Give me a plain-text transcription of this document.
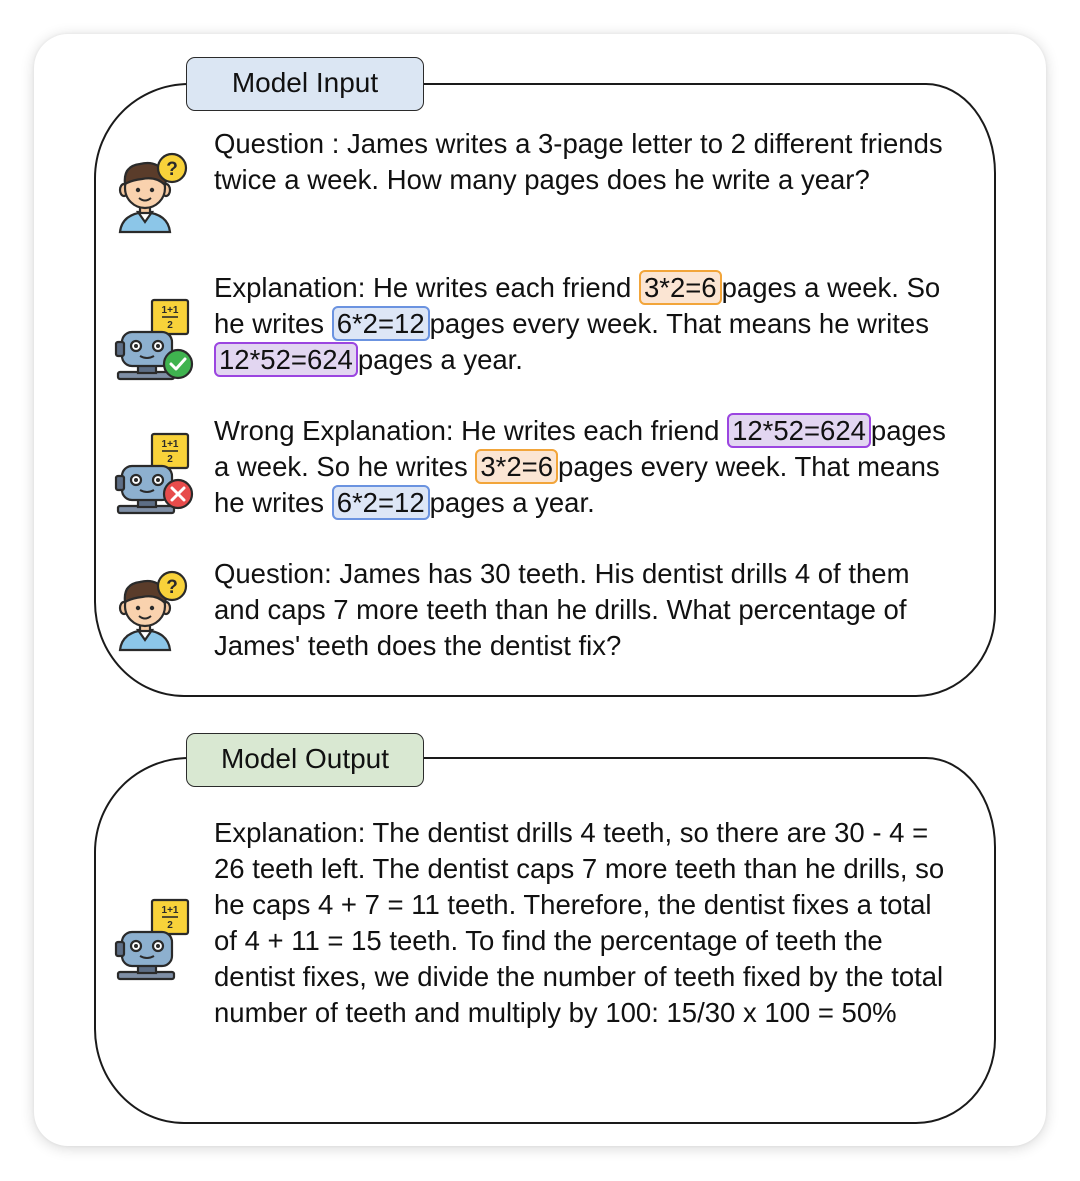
Model Input
?
Question : James writes a 3-page letter to 2 different friends twice a week. How many pages does he write a year?
1+1
2
Explanation: He writes each friend 3*2=6 pages a week. So he writes 6*2=12 pages every week. That means he writes 12*52=624 pages a year.
1+1
2
Wrong Explanation: He writes each friend 12*52=624 pages a week. So he writes 3*2=6 pages every week. That means he writes 6*2=12 pages a year.
? Question: James has 30 teeth. His dentist drills 4 of them and caps 7 more teeth than he drills. What percentage of James' teeth does the dentist fix?
Model Output
1+1
2
Explanation: The dentist drills 4 teeth, so there are 30 - 4 = 26 teeth left. The dentist caps 7 more teeth than he drills, so he caps 4 + 7 = 11 teeth. Therefore, the dentist fixes a total of 4 + 11 = 15 teeth. To find the percentage of teeth the dentist fixes, we divide the number of teeth fixed by the total number of teeth and multiply by 100: 15/30 x 100 = 50%
